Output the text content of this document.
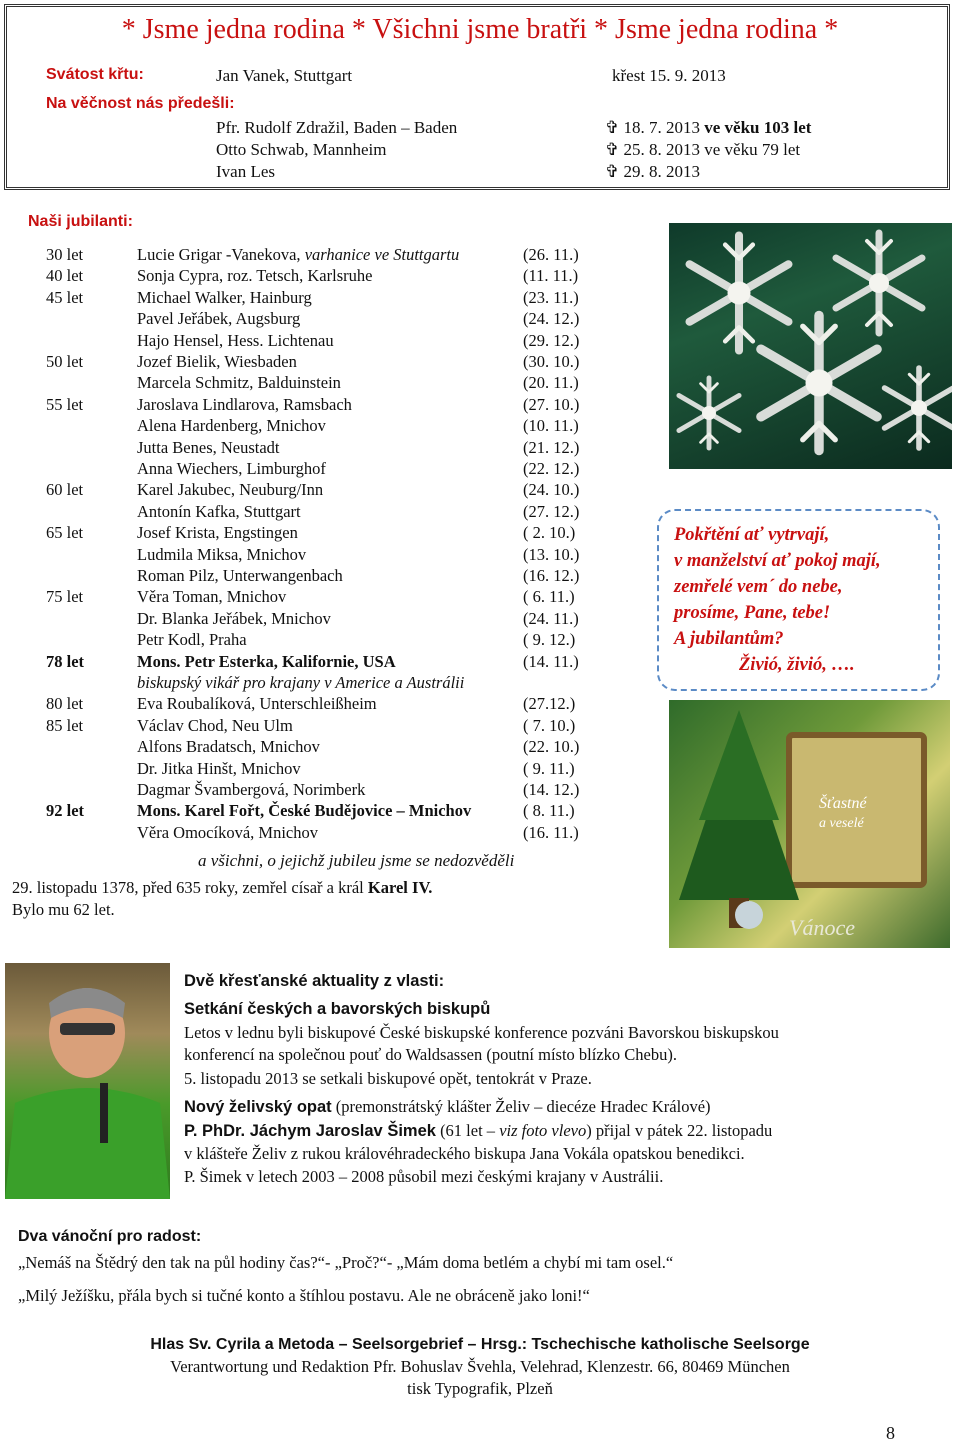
* Jsme jedna rodina * Všichni jsme bratři * Jsme jedna rodina *
Svátost křtu:	Jan Vanek, Stuttgart	křest 15. 9. 2013
Na věčnost nás předešli:
Pfr. Rudolf Zdražil, Baden – Baden	✞ 18. 7. 2013 ve věku 103 let
Otto Schwab, Mannheim	✞ 25. 8. 2013 ve věku 79 let
Ivan Les	✞ 29. 8. 2013
Naši jubilanti:
30 let	Lucie Grigar -Vanekova, varhanice ve Stuttgartu	(26. 11.)
40 let	Sonja Cypra, roz. Tetsch, Karlsruhe	(11. 11.)
45 let	Michael Walker, Hainburg	(23. 11.)
Pavel Jeřábek, Augsburg	(24. 12.)
Hajo Hensel, Hess. Lichtenau	(29. 12.)
50 let	Jozef Bielik, Wiesbaden	(30. 10.)
Marcela Schmitz, Balduinstein	(20. 11.)
55 let	Jaroslava Lindlarova, Ramsbach	(27. 10.)
Alena Hardenberg, Mnichov	(10. 11.)
Jutta Benes, Neustadt	(21. 12.)
Anna Wiechers, Limburghof	(22. 12.)
60 let	Karel Jakubec, Neuburg/Inn	(24. 10.)
Antonín Kafka, Stuttgart	(27. 12.)
65 let	Josef Krista, Engstingen	( 2. 10.)
Ludmila Miksa, Mnichov	(13. 10.)
Roman Pilz, Unterwangenbach	(16. 12.)
75 let	Věra Toman, Mnichov	( 6. 11.)
Dr. Blanka Jeřábek, Mnichov	(24. 11.)
Petr Kodl, Praha	( 9. 12.)
78 let	Mons. Petr Esterka, Kalifornie, USA	(14. 11.)
biskupský vikář pro krajany v Americe a Austrálii
80 let	Eva Roubalíková, Unterschleißheim	(27.12.)
85 let	Václav Chod, Neu Ulm	( 7. 10.)
Alfons Bradatsch, Mnichov	(22. 10.)
Dr. Jitka Hinšt, Mnichov	( 9. 11.)
Dagmar Švambergová, Norimberk	(14. 12.)
92 let	Mons. Karel Fořt, České Budějovice – Mnichov	( 8. 11.)
Věra Omocíková, Mnichov	(16. 11.)
a všichni, o jejichž jubileu jsme se nedozvěděli
29. listopadu 1378, před 635 roky, zemřel císař a král Karel IV.
Bylo mu 62 let.
Pokřtění ať vytrvají,
v manželství ať pokoj mají,
zemřelé vem´ do nebe,
prosíme, Pane, tebe!
A jubilantům?
Živió, živió, ….
Šťastné
a veselé
Vánoce
Dvě křesťanské aktuality z vlasti:
Setkání českých a bavorských biskupů
Letos v lednu byli biskupové České biskupské konference pozváni Bavorskou biskupskou
konferencí na společnou pouť do Waldsassen (poutní místo blízko Chebu).
5. listopadu 2013 se setkali biskupové opět, tentokrát v Praze.
Nový želivský opat (premonstrátský klášter Želiv – diecéze Hradec Králové)
P. PhDr. Jáchym Jaroslav Šimek (61 let – viz foto vlevo) přijal v pátek 22. listopadu
v klášteře Želiv z rukou královéhradeckého biskupa Jana Vokála opatskou benedikci.
P. Šimek v letech 2003 – 2008 působil mezi českými krajany v Austrálii.
Dva vánoční pro radost:
„Nemáš na Štědrý den tak na půl hodiny čas?“- „Proč?“- „Mám doma betlém a chybí mi tam osel.“
„Milý Ježíšku, přála bych si tučné konto a štíhlou postavu. Ale ne obráceně jako loni!“
Hlas Sv. Cyrila a Metoda – Seelsorgebrief – Hrsg.: Tschechische katholische Seelsorge
Verantwortung und Redaktion Pfr. Bohuslav Švehla, Velehrad, Klenzestr. 66, 80469 München
tisk Typografik, Plzeň
8
